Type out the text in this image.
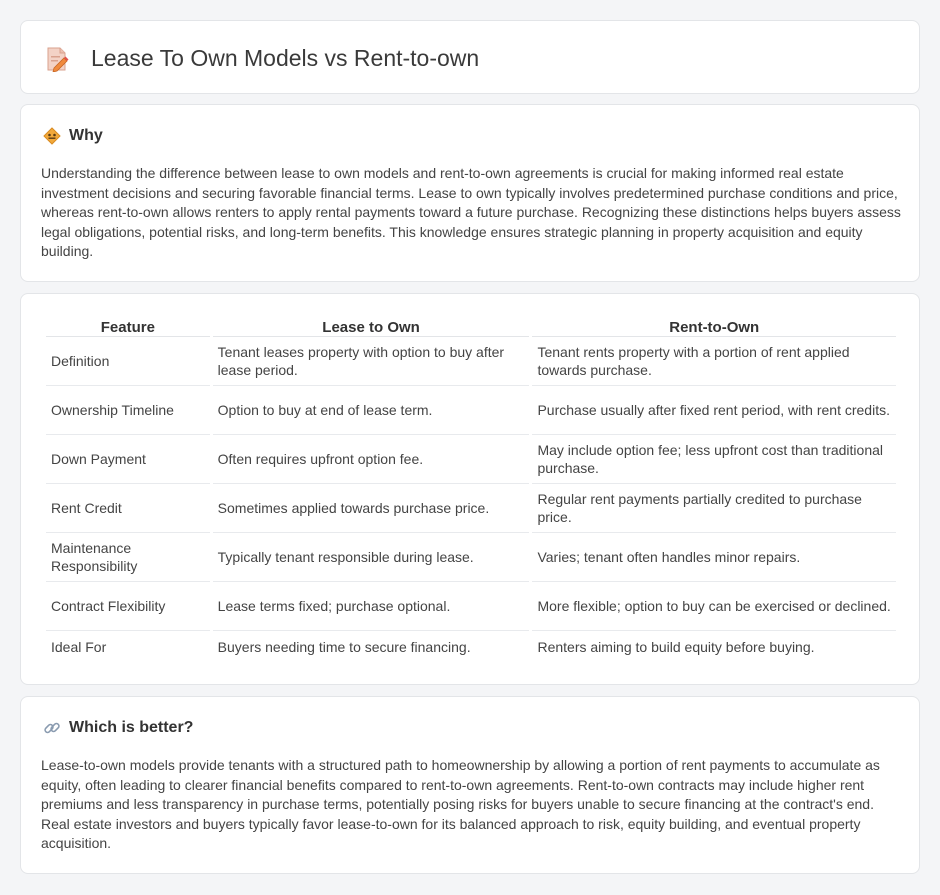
Lease To Own Models vs Rent-to-own
Why

Understanding the difference between lease to own models and rent-to-own agreements is crucial for making informed real estate investment decisions and securing favorable financial terms. Lease to own typically involves predetermined purchase conditions and price, whereas rent-to-own allows renters to apply rental payments toward a future purchase. Recognizing these distinctions helps buyers assess legal obligations, potential risks, and long-term benefits. This knowledge ensures strategic planning in property acquisition and equity building.

Feature	Lease to Own	Rent-to-Own
Definition	Tenant leases property with option to buy after lease period.	Tenant rents property with a portion of rent applied towards purchase.
Ownership Timeline	Option to buy at end of lease term.	Purchase usually after fixed rent period, with rent credits.
Down Payment	Often requires upfront option fee.	May include option fee; less upfront cost than traditional purchase.
Rent Credit	Sometimes applied towards purchase price.	Regular rent payments partially credited to purchase price.
Maintenance Responsibility	Typically tenant responsible during lease.	Varies; tenant often handles minor repairs.
Contract Flexibility	Lease terms fixed; purchase optional.	More flexible; option to buy can be exercised or declined.
Ideal For	Buyers needing time to secure financing.	Renters aiming to build equity before buying.
Which is better?

Lease-to-own models provide tenants with a structured path to homeownership by allowing a portion of rent payments to accumulate as equity, often leading to clearer financial benefits compared to rent-to-own agreements. Rent-to-own contracts may include higher rent premiums and less transparency in purchase terms, potentially posing risks for buyers unable to secure financing at the contract's end. Real estate investors and buyers typically favor lease-to-own for its balanced approach to risk, equity building, and eventual property acquisition.
